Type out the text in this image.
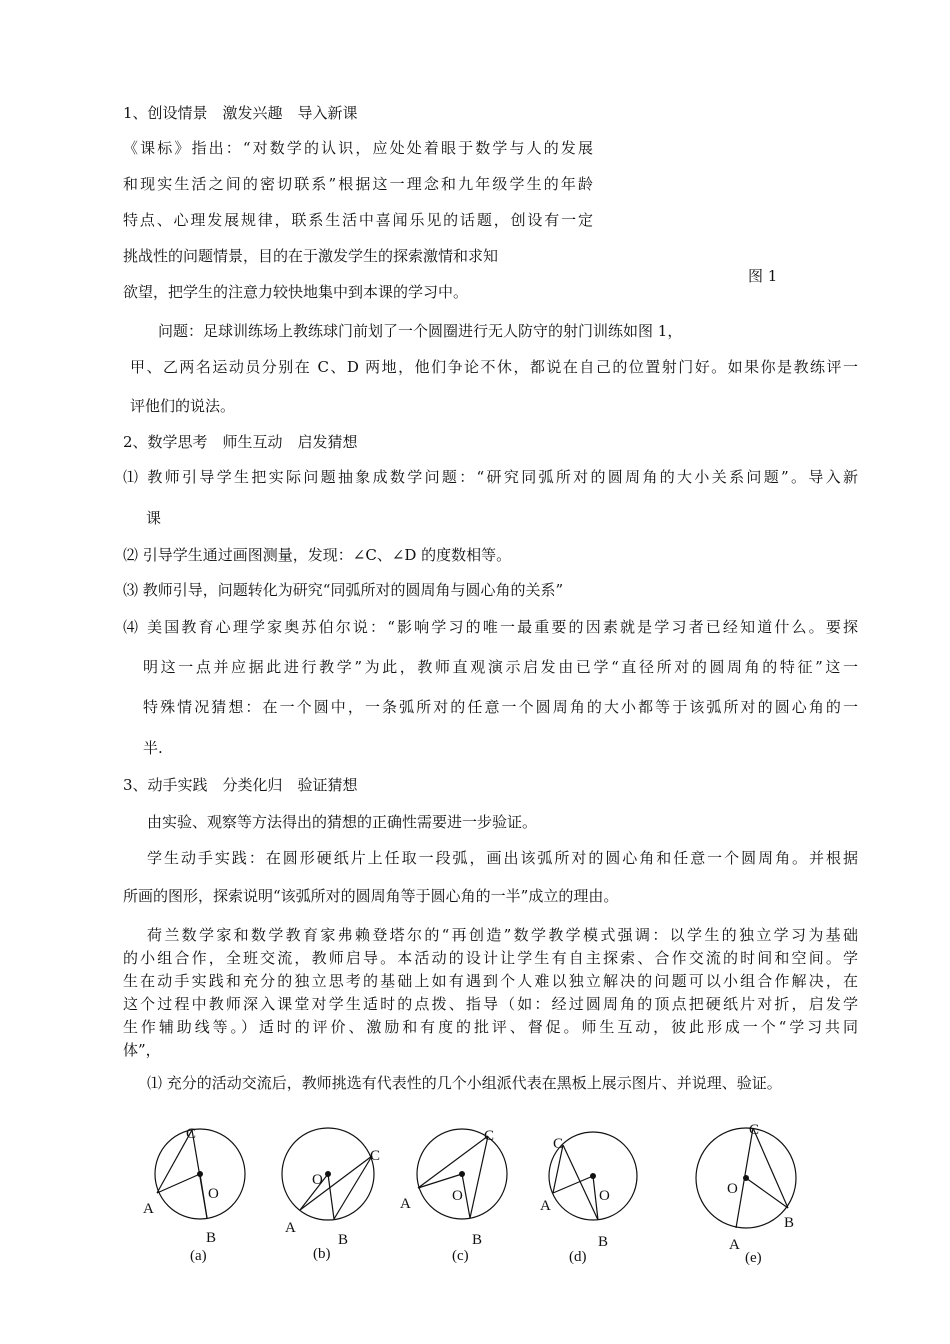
1、创设情景　激发兴趣　导入新课
《课标》指出：“对数学的认识，应处处着眼于数学与人的发展
和现实生活之间的密切联系”根据这一理念和九年级学生的年龄
特点、心理发展规律，联系生活中喜闻乐见的话题，创设有一定
挑战性的问题情景，目的在于激发学生的探索激情和求知
欲望，把学生的注意力较快地集中到本课的学习中。
图 1
问题：足球训练场上教练球门前划了一个圆圈进行无人防守的射门训练如图 1，
甲、乙两名运动员分别在 C、D 两地，他们争论不休，都说在自己的位置射门好。如果你是教练评一
评他们的说法。
2、数学思考　师生互动　启发猜想
⑴ 教师引导学生把实际问题抽象成数学问题：“研究同弧所对的圆周角的大小关系问题”。导入新
课
⑵ 引导学生通过画图测量，发现：∠C、∠D 的度数相等。
⑶ 教师引导，问题转化为研究“同弧所对的圆周角与圆心角的关系”
⑷ 美国教育心理学家奥苏伯尔说：“影响学习的唯一最重要的因素就是学习者已经知道什么。要探
明这一点并应据此进行教学”为此，教师直观演示启发由已学“直径所对的圆周角的特征”这一
特殊情况猜想：在一个圆中，一条弧所对的任意一个圆周角的大小都等于该弧所对的圆心角的一
半.
3、动手实践　分类化归　验证猜想
由实验、观察等方法得出的猜想的正确性需要进一步验证。
学生动手实践：在圆形硬纸片上任取一段弧，画出该弧所对的圆心角和任意一个圆周角。并根据
所画的图形，探索说明“该弧所对的圆周角等于圆心角的一半”成立的理由。
荷兰数学家和数学教育家弗赖登塔尔的“再创造”数学教学模式强调：以学生的独立学习为基础
的小组合作，全班交流，教师启导。本活动的设计让学生有自主探索、合作交流的时间和空间。学
生在动手实践和充分的独立思考的基础上如有遇到个人难以独立解决的问题可以小组合作解决，在
这个过程中教师深入课堂对学生适时的点拨、指导（如：经过圆周角的顶点把硬纸片对折，启发学
生作辅助线等。）适时的评价、激励和有度的批评、督促。师生互动，彼此形成一个“学习共同
体”，
⑴ 充分的活动交流后，教师挑选有代表性的几个小组派代表在黑板上展示图片、并说理、验证。
C
A
O
B
(a)
C
O
A
B
(b)
C
O
A
B
(c)
C
O
A
B
(d)
C
O
B
A
(e)
